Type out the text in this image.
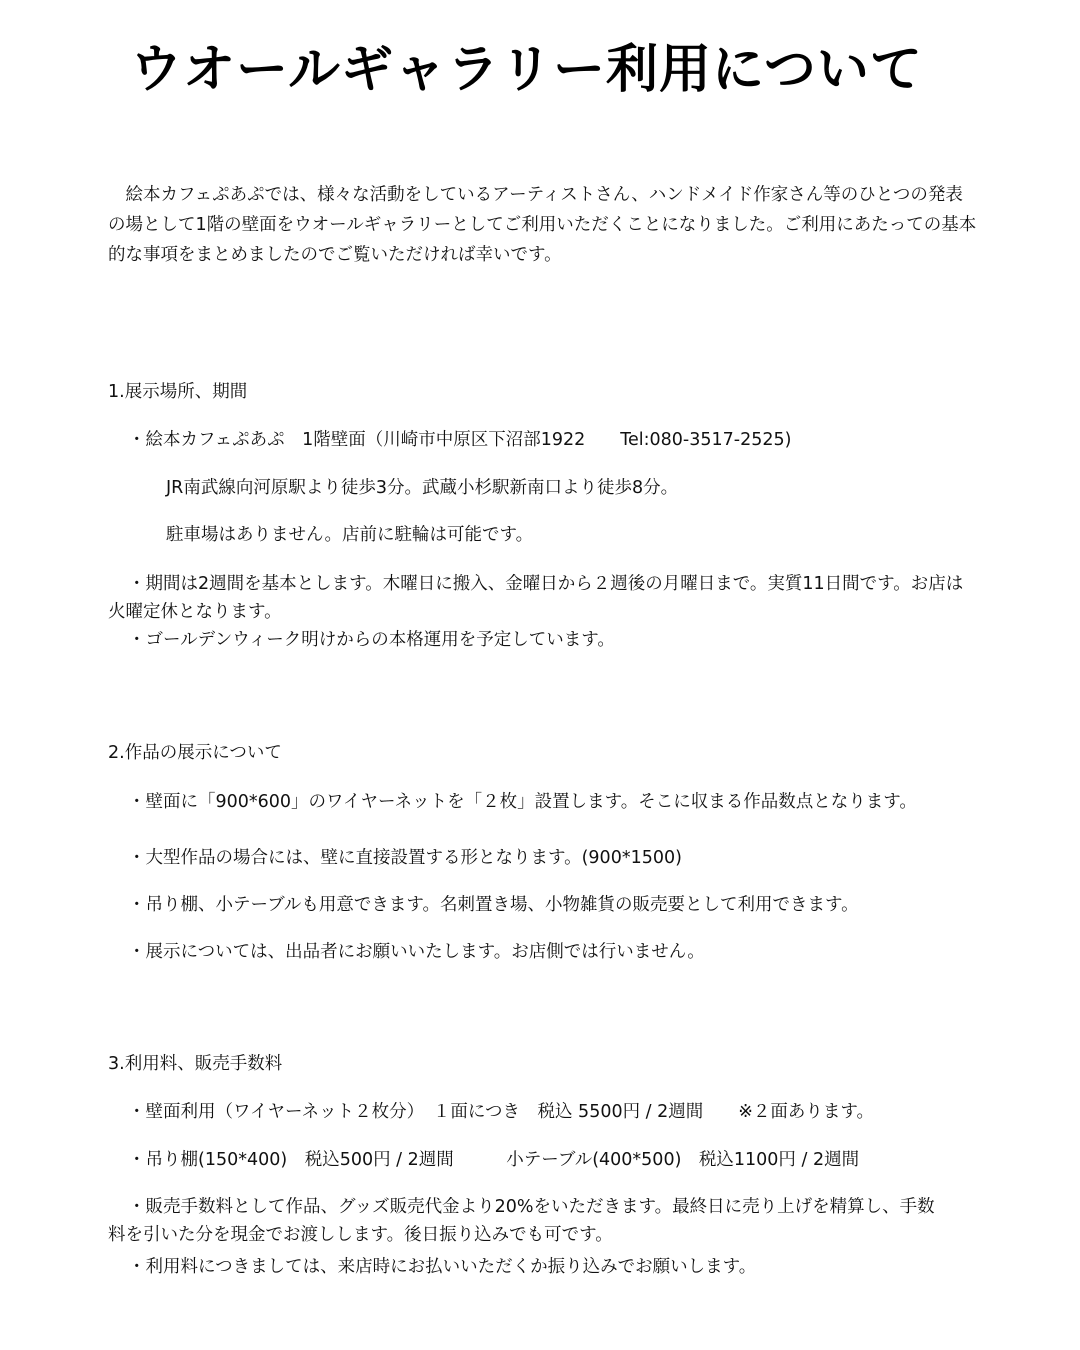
ウオールギャラリー利用について
　絵本カフェぷあぷでは、様々な活動をしているアーティストさん、ハンドメイド作家さん等のひとつの発表の場として1階の壁面をウオールギャラリーとしてご利用いただくことになりました。ご利用にあたっての基本的な事項をまとめましたのでご覧いただければ幸いです。
1.展示場所、期間
・絵本カフェぷあぷ　1階壁面（川崎市中原区下沼部1922　　Tel:080-3517-2525)
JR南武線向河原駅より徒歩3分。武蔵小杉駅新南口より徒歩8分。
駐車場はありません。店前に駐輪は可能です。
・期間は2週間を基本とします。木曜日に搬入、金曜日から２週後の月曜日まで。実質11日間です。お店は火曜定休となります。
・ゴールデンウィーク明けからの本格運用を予定しています。
2.作品の展示について
・壁面に「900*600」のワイヤーネットを「２枚」設置します。そこに収まる作品数点となります。
・大型作品の場合には、壁に直接設置する形となります。(900*1500)
・吊り棚、小テーブルも用意できます。名刺置き場、小物雑貨の販売要として利用できます。
・展示については、出品者にお願いいたします。お店側では行いません。
3.利用料、販売手数料
・壁面利用（ワイヤーネット２枚分）　１面につき　税込 5500円 / 2週間　　※２面あります。
・吊り棚(150*400)　税込500円 / 2週間　　　小テーブル(400*500)　税込1100円 / 2週間
・販売手数料として作品、グッズ販売代金より20%をいただきます。最終日に売り上げを精算し、手数料を引いた分を現金でお渡しします。後日振り込みでも可です。
・利用料につきましては、来店時にお払いいただくか振り込みでお願いします。
